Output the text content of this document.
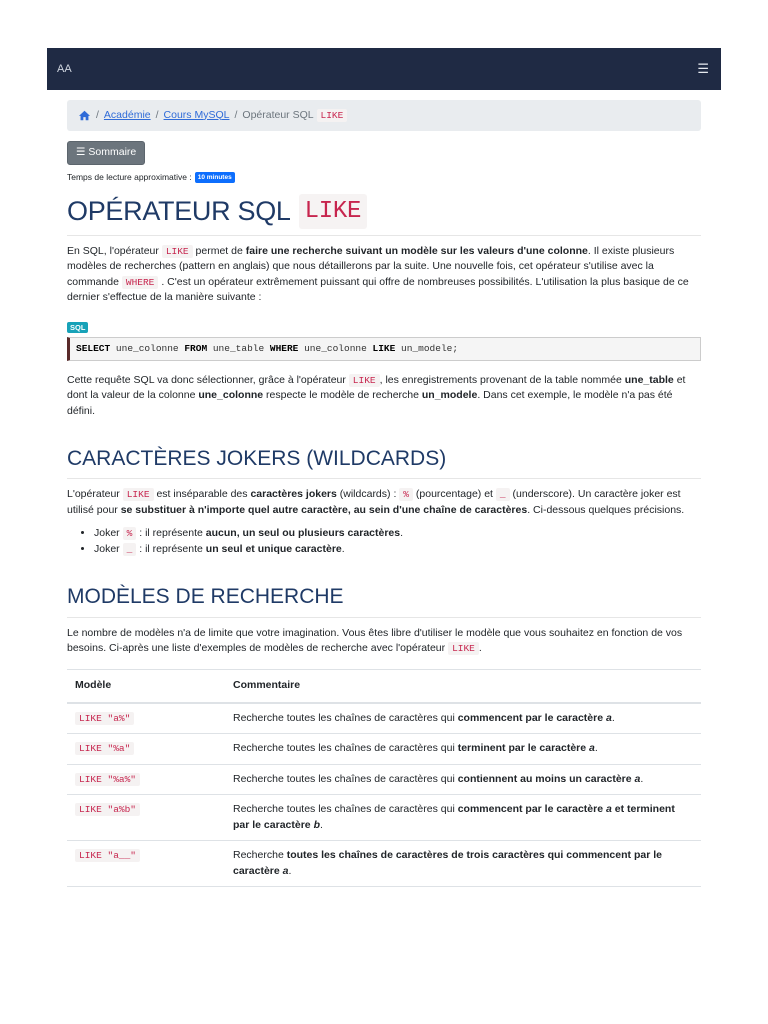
AA	☰
/ Académie / Cours MySQL / Opérateur SQL LIKE
☰ Sommaire
Temps de lecture approximative : 10 minutes
OPÉRATEUR SQL LIKE

En SQL, l'opérateur LIKE permet de faire une recherche suivant un modèle sur les valeurs d'une colonne. Il existe plusieurs modèles de recherches (pattern en anglais) que nous détaillerons par la suite. Une nouvelle fois, cet opérateur s'utilise avec la commande WHERE . C'est un opérateur extrêmement puissant qui offre de nombreuses possibilités. L'utilisation la plus basique de ce dernier s'effectue de la manière suivante :

SQL
SELECT
une_colonne
FROM
une_table
WHERE
une_colonne
LIKE
un_modele;

Cette requête SQL va donc sélectionner, grâce à l'opérateur LIKE , les enregistrements provenant de la table nommée une_table et dont la valeur de la colonne une_colonne respecte le modèle de recherche un_modele. Dans cet exemple, le modèle n'a pas été défini.

CARACTÈRES JOKERS (WILDCARDS)

L'opérateur LIKE est inséparable des caractères jokers (wildcards) : % (pourcentage) et _ (underscore). Un caractère joker est utilisé pour se substituer à n'importe quel autre caractère, au sein d'une chaîne de caractères. Ci-dessous quelques précisions.

• Joker % : il représente aucun, un seul ou plusieurs caractères.
• Joker _ : il représente un seul et unique caractère.
MODÈLES DE RECHERCHE

Le nombre de modèles n'a de limite que votre imagination. Vous êtes libre d'utiliser le modèle que vous souhaitez en fonction de vos besoins. Ci-après une liste d'exemples de modèles de recherche avec l'opérateur LIKE .

Modèle	Commentaire
LIKE "a%"	Recherche toutes les chaînes de caractères qui commencent par le caractère a.
LIKE "%a"	Recherche toutes les chaînes de caractères qui terminent par le caractère a.
LIKE "%a%"	Recherche toutes les chaînes de caractères qui contiennent au moins un caractère a.
LIKE "a%b"	Recherche toutes les chaînes de caractères qui commencent par le caractère a et terminent par le caractère b.
LIKE "a__"	Recherche toutes les chaînes de caractères de trois caractères qui commencent par le caractère a.
